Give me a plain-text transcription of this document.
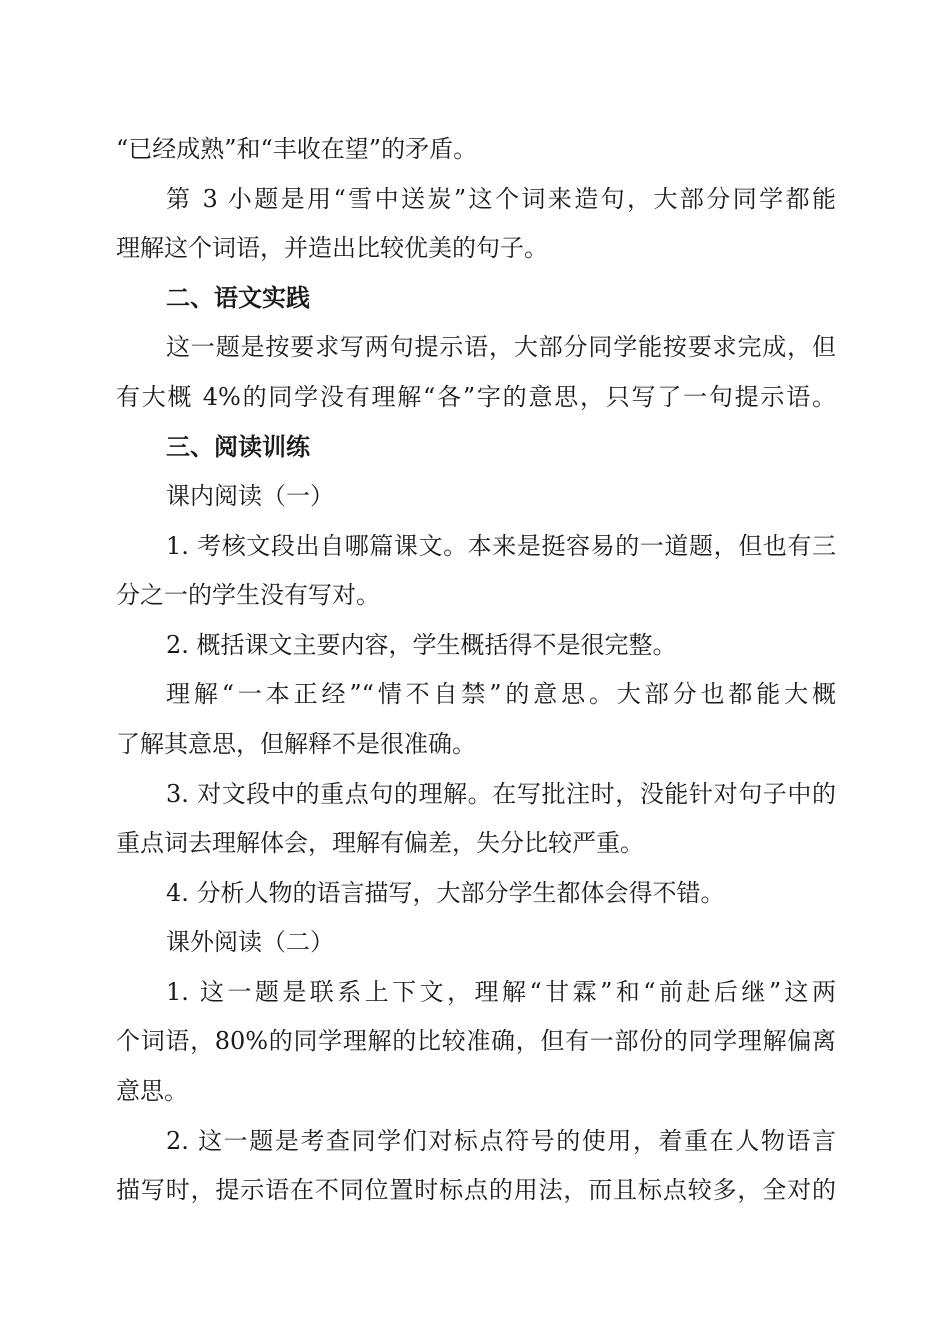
“已经成熟”和“丰收在望”的矛盾。
第 3 小题是用“雪中送炭”这个词来造句，大部分同学都能
理解这个词语，并造出比较优美的句子。
二、语文实践
这一题是按要求写两句提示语，大部分同学能按要求完成，但
有大概 4%的同学没有理解“各”字的意思，只写了一句提示语。
三、阅读训练
课内阅读（一）
1. 考核文段出自哪篇课文。本来是挺容易的一道题，但也有三
分之一的学生没有写对。
2. 概括课文主要内容，学生概括得不是很完整。
理解“一本正经”“情不自禁”的意思。大部分也都能大概
了解其意思，但解释不是很准确。
3. 对文段中的重点句的理解。在写批注时，没能针对句子中的
重点词去理解体会，理解有偏差，失分比较严重。
4. 分析人物的语言描写，大部分学生都体会得不错。
课外阅读（二）
1. 这一题是联系上下文，理解“甘霖”和“前赴后继”这两
个词语，80%的同学理解的比较准确，但有一部份的同学理解偏离
意思。
2. 这一题是考查同学们对标点符号的使用，着重在人物语言
描写时，提示语在不同位置时标点的用法，而且标点较多，全对的
